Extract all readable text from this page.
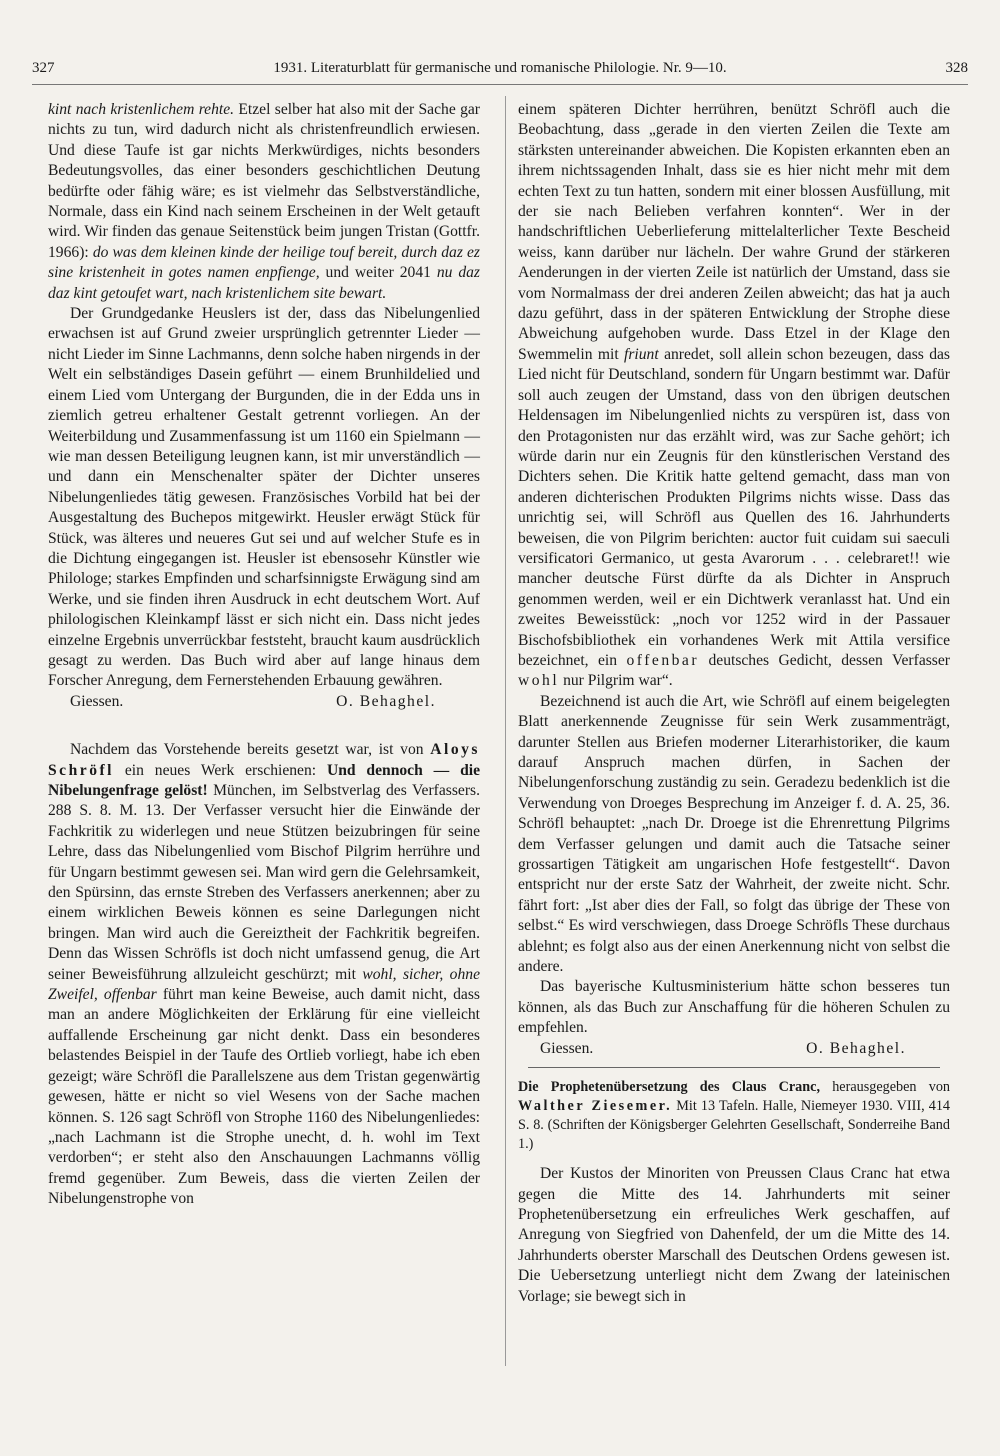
327	1931. Literaturblatt für germanische und romanische Philologie. Nr. 9—10.	328

kint nach kristenlichem rehte. Etzel selber hat also mit der Sache gar nichts zu tun, wird dadurch nicht als christenfreundlich erwiesen. Und diese Taufe ist gar nichts Merkwürdiges, nichts besonders Bedeutungsvolles, das einer besonders geschichtlichen Deutung bedürfte oder fähig wäre; es ist vielmehr das Selbstverständliche, Normale, dass ein Kind nach seinem Erscheinen in der Welt getauft wird. Wir finden das genaue Seitenstück beim jungen Tristan (Gottfr. 1966): do was dem kleinen kinde der heilige touf bereit, durch daz ez sine kristenheit in gotes namen enpfienge, und weiter 2041 nu daz daz kint getoufet wart, nach kristenlichem site bewart.

Der Grundgedanke Heuslers ist der, dass das Nibelungenlied erwachsen ist auf Grund zweier ursprünglich getrennter Lieder — nicht Lieder im Sinne Lachmanns, denn solche haben nirgends in der Welt ein selbständiges Dasein geführt — einem Brunhildelied und einem Lied vom Untergang der Burgunden, die in der Edda uns in ziemlich getreu erhaltener Gestalt getrennt vorliegen. An der Weiterbildung und Zusammenfassung ist um 1160 ein Spielmann — wie man dessen Beteiligung leugnen kann, ist mir unverständlich — und dann ein Menschenalter später der Dichter unseres Nibelungenliedes tätig gewesen. Französisches Vorbild hat bei der Ausgestaltung des Buchepos mitgewirkt. Heusler erwägt Stück für Stück, was älteres und neueres Gut sei und auf welcher Stufe es in die Dichtung eingegangen ist. Heusler ist ebensosehr Künstler wie Philologe; starkes Empfinden und scharfsinnigste Erwägung sind am Werke, und sie finden ihren Ausdruck in echt deutschem Wort. Auf philologischen Kleinkampf lässt er sich nicht ein. Dass nicht jedes einzelne Ergebnis unverrückbar feststeht, braucht kaum ausdrücklich gesagt zu werden. Das Buch wird aber auf lange hinaus dem Forscher Anregung, dem Fernerstehenden Erbauung gewähren.

Giessen.	O. Behaghel.

Nachdem das Vorstehende bereits gesetzt war, ist von Aloys Schröfl ein neues Werk erschienen: Und dennoch — die Nibelungenfrage gelöst! München, im Selbstverlag des Verfassers. 288 S. 8. M. 13. Der Verfasser versucht hier die Einwände der Fachkritik zu widerlegen und neue Stützen beizubringen für seine Lehre, dass das Nibelungenlied vom Bischof Pilgrim herrühre und für Ungarn bestimmt gewesen sei. Man wird gern die Gelehrsamkeit, den Spürsinn, das ernste Streben des Verfassers anerkennen; aber zu einem wirklichen Beweis können es seine Darlegungen nicht bringen. Man wird auch die Gereiztheit der Fachkritik begreifen. Denn das Wissen Schröfls ist doch nicht umfassend genug, die Art seiner Beweisführung allzuleicht geschürzt; mit wohl, sicher, ohne Zweifel, offenbar führt man keine Beweise, auch damit nicht, dass man an andere Möglichkeiten der Erklärung für eine vielleicht auffallende Erscheinung gar nicht denkt. Dass ein besonderes belastendes Beispiel in der Taufe des Ortlieb vorliegt, habe ich eben gezeigt; wäre Schröfl die Parallelszene aus dem Tristan gegenwärtig gewesen, hätte er nicht so viel Wesens von der Sache machen können. S. 126 sagt Schröfl von Strophe 1160 des Nibelungenliedes: „nach Lachmann ist die Strophe unecht, d. h. wohl im Text verdorben“; er steht also den Anschauungen Lachmanns völlig fremd gegenüber. Zum Beweis, dass die vierten Zeilen der Nibelungenstrophe von

einem späteren Dichter herrühren, benützt Schröfl auch die Beobachtung, dass „gerade in den vierten Zeilen die Texte am stärksten untereinander abweichen. Die Kopisten erkannten eben an ihrem nichtssagenden Inhalt, dass sie es hier nicht mehr mit dem echten Text zu tun hatten, sondern mit einer blossen Ausfüllung, mit der sie nach Belieben verfahren konnten“. Wer in der handschriftlichen Ueberlieferung mittelalterlicher Texte Bescheid weiss, kann darüber nur lächeln. Der wahre Grund der stärkeren Aenderungen in der vierten Zeile ist natürlich der Umstand, dass sie vom Normalmass der drei anderen Zeilen abweicht; das hat ja auch dazu geführt, dass in der späteren Entwicklung der Strophe diese Abweichung aufgehoben wurde. Dass Etzel in der Klage den Swemmelin mit friunt anredet, soll allein schon bezeugen, dass das Lied nicht für Deutschland, sondern für Ungarn bestimmt war. Dafür soll auch zeugen der Umstand, dass von den übrigen deutschen Heldensagen im Nibelungenlied nichts zu verspüren ist, dass von den Protagonisten nur das erzählt wird, was zur Sache gehört; ich würde darin nur ein Zeugnis für den künstlerischen Verstand des Dichters sehen. Die Kritik hatte geltend gemacht, dass man von anderen dichterischen Produkten Pilgrims nichts wisse. Dass das unrichtig sei, will Schröfl aus Quellen des 16. Jahrhunderts beweisen, die von Pilgrim berichten: auctor fuit cuidam sui saeculi versificatori Germanico, ut gesta Avarorum . . . celebraret!! wie mancher deutsche Fürst dürfte da als Dichter in Anspruch genommen werden, weil er ein Dichtwerk veranlasst hat. Und ein zweites Beweisstück: „noch vor 1252 wird in der Passauer Bischofsbibliothek ein vorhandenes Werk mit Attila versifice bezeichnet, ein offenbar deutsches Gedicht, dessen Verfasser wohl nur Pilgrim war“.

Bezeichnend ist auch die Art, wie Schröfl auf einem beigelegten Blatt anerkennende Zeugnisse für sein Werk zusammenträgt, darunter Stellen aus Briefen moderner Literarhistoriker, die kaum darauf Anspruch machen dürfen, in Sachen der Nibelungenforschung zuständig zu sein. Geradezu bedenklich ist die Verwendung von Droeges Besprechung im Anzeiger f. d. A. 25, 36. Schröfl behauptet: „nach Dr. Droege ist die Ehrenrettung Pilgrims dem Verfasser gelungen und damit auch die Tatsache seiner grossartigen Tätigkeit am ungarischen Hofe festgestellt“. Davon entspricht nur der erste Satz der Wahrheit, der zweite nicht. Schr. fährt fort: „Ist aber dies der Fall, so folgt das übrige der These von selbst.“ Es wird verschwiegen, dass Droege Schröfls These durchaus ablehnt; es folgt also aus der einen Anerkennung nicht von selbst die andere.

Das bayerische Kultusministerium hätte schon besseres tun können, als das Buch zur Anschaffung für die höheren Schulen zu empfehlen.

Giessen.	O. Behaghel.

Die Prophetenübersetzung des Claus Cranc, herausgegeben von Walther Ziesemer. Mit 13 Tafeln. Halle, Niemeyer 1930. VIII, 414 S. 8. (Schriften der Königsberger Gelehrten Gesellschaft, Sonderreihe Band 1.)

Der Kustos der Minoriten von Preussen Claus Cranc hat etwa gegen die Mitte des 14. Jahrhunderts mit seiner Prophetenübersetzung ein erfreuliches Werk geschaffen, auf Anregung von Siegfried von Dahenfeld, der um die Mitte des 14. Jahrhunderts oberster Marschall des Deutschen Ordens gewesen ist. Die Uebersetzung unterliegt nicht dem Zwang der lateinischen Vorlage; sie bewegt sich in
